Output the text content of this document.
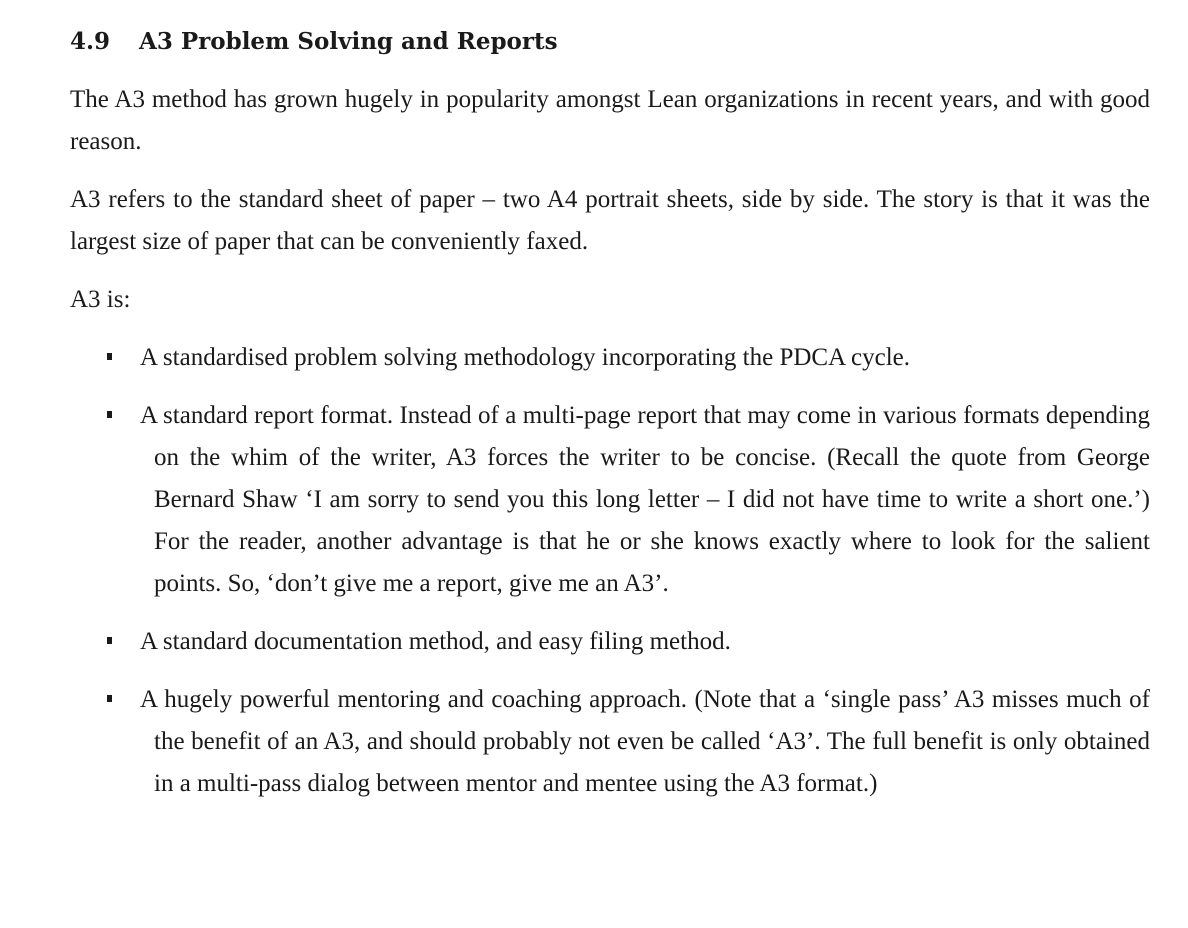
4.9 A3 Problem Solving and Reports

The A3 method has grown hugely in popularity amongst Lean organizations in recent years, and with good reason.

A3 refers to the standard sheet of paper – two A4 portrait sheets, side by side. The story is that it was the largest size of paper that can be conveniently faxed.

A3 is:

A standardised problem solving methodology incorporating the PDCA cycle.
A standard report format. Instead of a multi-page report that may come in various formats depending on the whim of the writer, A3 forces the writer to be concise. (Recall the quote from George Bernard Shaw ‘I am sorry to send you this long letter – I did not have time to write a short one.’) For the reader, another advantage is that he or she knows exactly where to look for the salient points. So, ‘don’t give me a report, give me an A3’.
A standard documentation method, and easy filing method.
A hugely powerful mentoring and coaching approach. (Note that a ‘single pass’ A3 misses much of the benefit of an A3, and should probably not even be called ‘A3’. The full benefit is only obtained in a multi-pass dialog between mentor and mentee using the A3 format.)
